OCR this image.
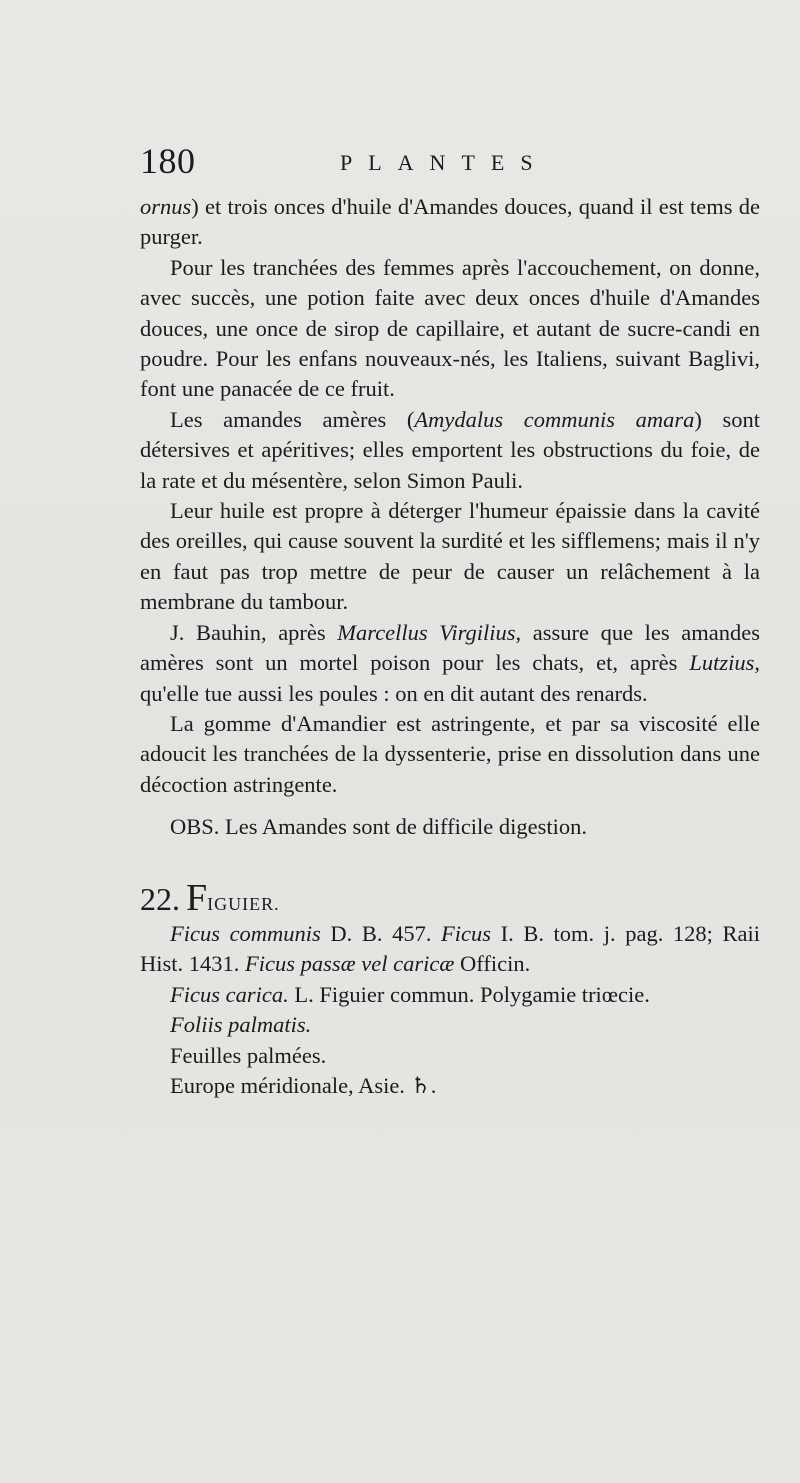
180	PLANTES

ornus) et trois onces d'huile d'Amandes douces, quand il est tems de purger.

Pour les tranchées des femmes après l'accouchement, on donne, avec succès, une potion faite avec deux onces d'huile d'Amandes douces, une once de sirop de capillaire, et autant de sucre-candi en poudre. Pour les enfans nouveaux-nés, les Italiens, suivant Baglivi, font une panacée de ce fruit.

Les amandes amères (Amydalus communis amara) sont détersives et apéritives; elles emportent les obstructions du foie, de la rate et du mésentère, selon Simon Pauli.

Leur huile est propre à déterger l'humeur épaissie dans la cavité des oreilles, qui cause souvent la surdité et les sifflemens; mais il n'y en faut pas trop mettre de peur de causer un relâchement à la membrane du tambour.

J. Bauhin, après Marcellus Virgilius, assure que les amandes amères sont un mortel poison pour les chats, et, après Lutzius, qu'elle tue aussi les poules : on en dit autant des renards.

La gomme d'Amandier est astringente, et par sa viscosité elle adoucit les tranchées de la dyssenterie, prise en dissolution dans une décoction astringente.

OBS. Les Amandes sont de difficile digestion.

22. FIGUIER.

Ficus communis D. B. 457. Ficus I. B. tom. j. pag. 128; Raii Hist. 1431. Ficus passæ vel caricæ Officin.

Ficus carica. L. Figuier commun. Polygamie triœcie.

Foliis palmatis.

Feuilles palmées.

Europe méridionale, Asie. ♄.
